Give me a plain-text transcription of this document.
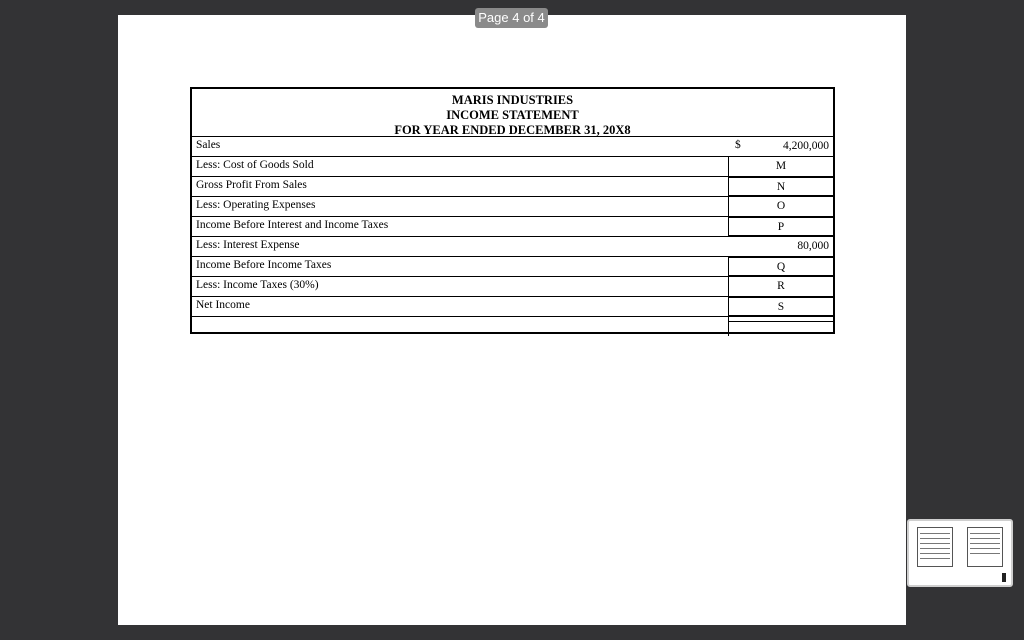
Page 4 of 4
MARIS INDUSTRIES
INCOME STATEMENT
FOR YEAR ENDED DECEMBER 31, 20X8
Sales	$	4,200,000
Less: Cost of Goods Sold	M
Gross Profit From Sales	N
Less: Operating Expenses	O
Income Before Interest and Income Taxes	P
Less: Interest Expense	80,000
Income Before Income Taxes	Q
Less: Income Taxes (30%)	R
Net Income	S
